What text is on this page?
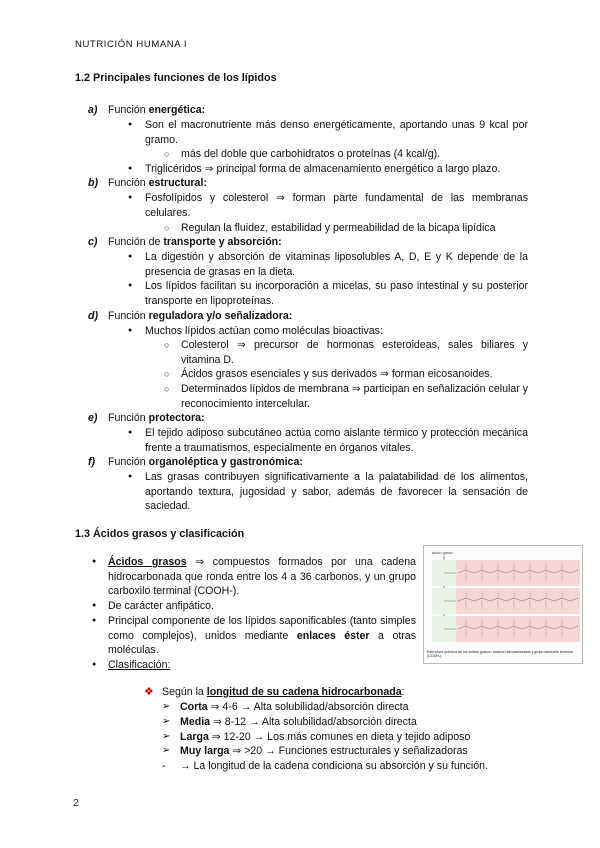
NUTRICIÓN HUMANA I
1.2 Principales funciones de los lípidos
a) Función energética:
● Son el macronutriente más denso energéticamente, aportando unas 9 kcal por gramo.
○ más del doble que carbohidratos o proteínas (4 kcal/g).
● Triglicéridos ⇒ principal forma de almacenamiento energético a largo plazo.
b) Función estructural:
● Fosfolípidos y colesterol ⇒ forman parte fundamental de las membranas celulares.
○ Regulan la fluidez, estabilidad y permeabilidad de la bicapa lipídica
c) Función de transporte y absorción:
● La digestión y absorción de vitaminas liposolubles A, D, E y K depende de la presencia de grasas en la dieta.
● Los lípidos facilitan su incorporación a micelas, su paso intestinal y su posterior transporte en lipoproteínas.
d) Función reguladora y/o señalizadora:
● Muchos lípidos actúan como moléculas bioactivas:
○ Colesterol ⇒ precursor de hormonas esteroideas, sales biliares y vitamina D.
○ Ácidos grasos esenciales y sus derivados ⇒ forman eicosanoides.
○ Determinados lípidos de membrana ⇒ participan en señalización celular y reconocimiento intercelular.
e) Función protectora:
● El tejido adiposo subcutáneo actúa como aislante térmico y protección mecánica frente a traumatismos, especialmente en órganos vitales.
f) Función organoléptica y gastronómica:
● Las grasas contribuyen significativamente a la palatabilidad de los alimentos, aportando textura, jugosidad y sabor, además de favorecer la sensación de saciedad.
1.3 Ácidos grasos y clasificación
● Ácidos grasos ⇒ compuestos formados por una cadena hidrocarbonada que ronda entre los 4 a 36 carbonos, y un grupo carboxilo terminal (COOH-).
● De carácter anfipático.
● Principal componente de los lípidos saponificables (tanto simples como complejos), unidos mediante enlaces éster a otras moléculas.
● Clasificación:
ácido graso
Estructura química de los ácidos grasos: cadena hidrocarbonada y grupo carboxilo terminal (COOH-).
❖ Según la longitud de su cadena hidrocarbonada:
➢ Corta ⇒ 4-6 → Alta solubilidad/absorción directa
➢ Media ⇒ 8-12 → Alta solubilidad/absorción directa
➢ Larga ⇒ 12-20 → Los más comunes en dieta y tejido adiposo
➢ Muy larga ⇒ >20 → Funciones estructurales y señalizadoras
- → La longitud de la cadena condiciona su absorción y su función.
2
